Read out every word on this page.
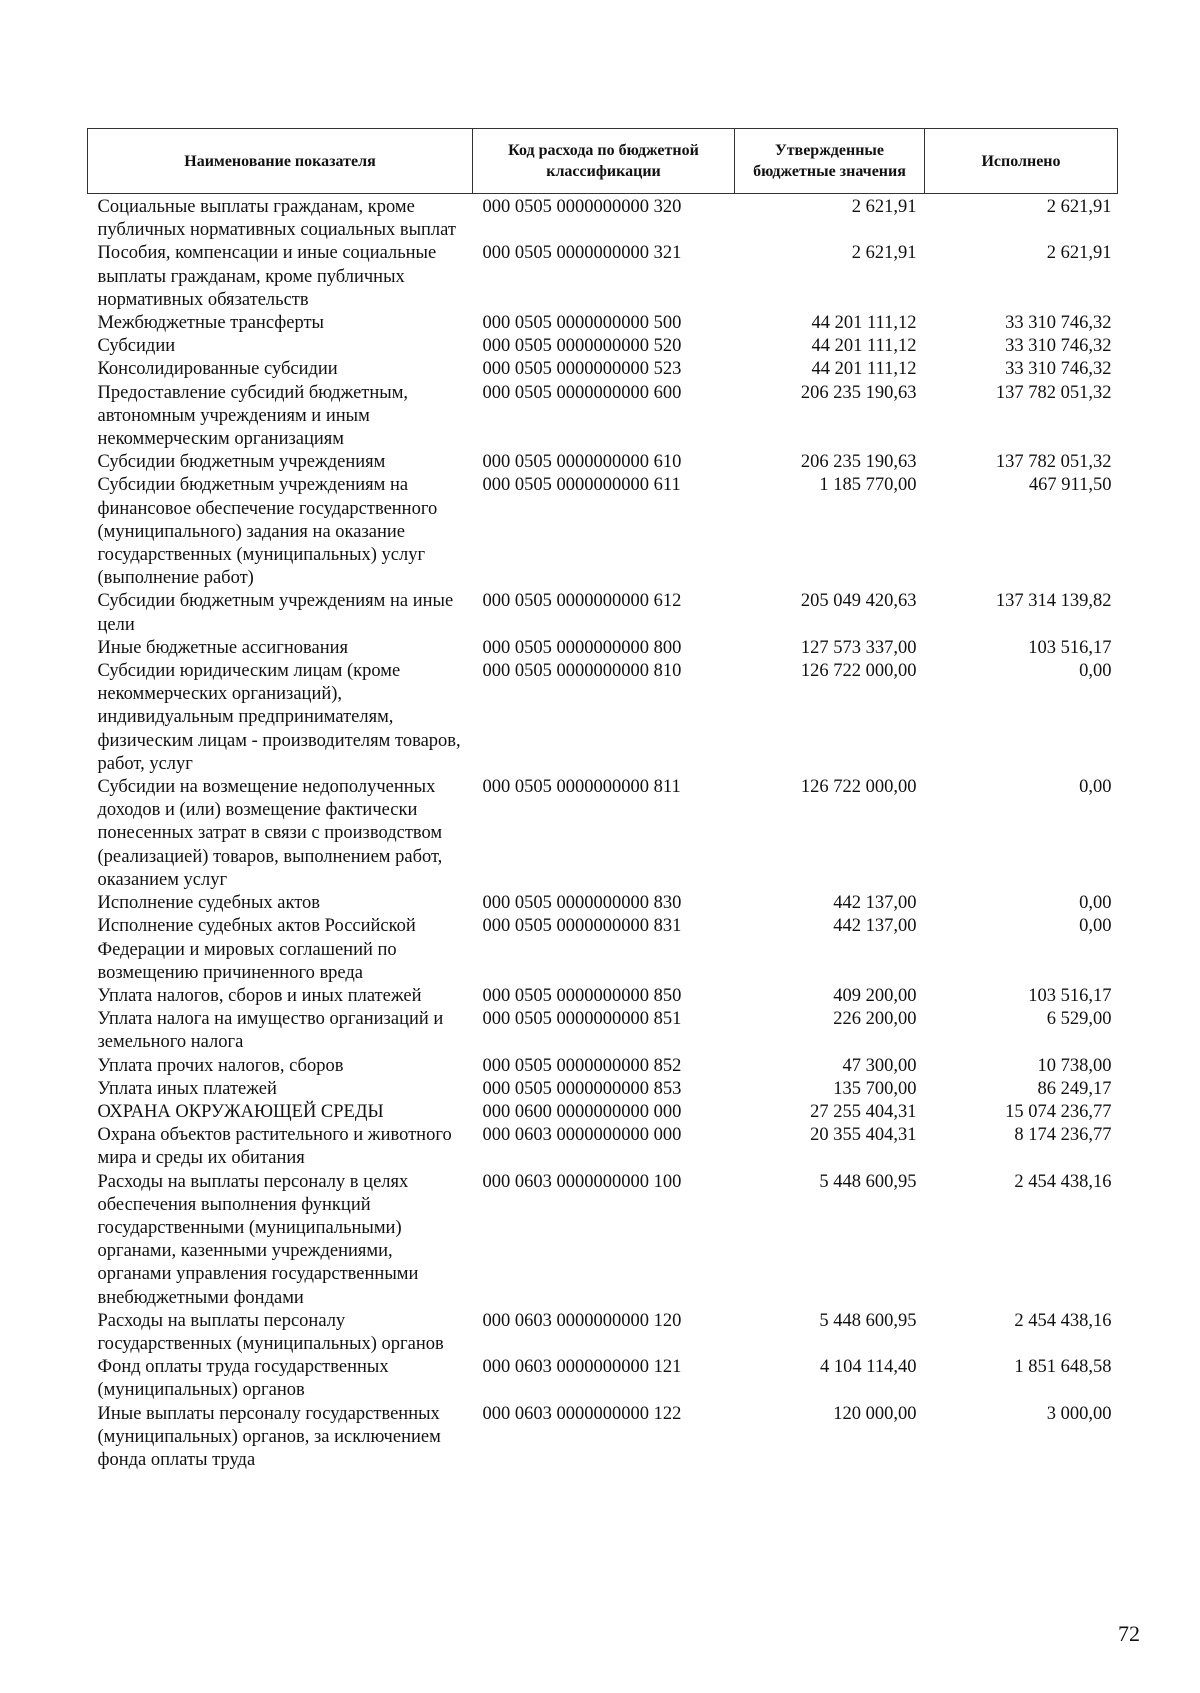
Наименование показателя	Код расхода по бюджетной классификации	Утвержденные бюджетные значения	Исполнено
Социальные выплаты гражданам, кроме публичных нормативных социальных выплат	000 0505 0000000000 320	2 621,91	2 621,91
Пособия, компенсации и иные социальные выплаты гражданам, кроме публичных нормативных обязательств	000 0505 0000000000 321	2 621,91	2 621,91
Межбюджетные трансферты	000 0505 0000000000 500	44 201 111,12	33 310 746,32
Субсидии	000 0505 0000000000 520	44 201 111,12	33 310 746,32
Консолидированные субсидии	000 0505 0000000000 523	44 201 111,12	33 310 746,32
Предоставление субсидий бюджетным, автономным учреждениям и иным некоммерческим организациям	000 0505 0000000000 600	206 235 190,63	137 782 051,32
Субсидии бюджетным учреждениям	000 0505 0000000000 610	206 235 190,63	137 782 051,32
Субсидии бюджетным учреждениям на финансовое обеспечение государственного (муниципального) задания на оказание государственных (муниципальных) услуг (выполнение работ)	000 0505 0000000000 611	1 185 770,00	467 911,50
Субсидии бюджетным учреждениям на иные цели	000 0505 0000000000 612	205 049 420,63	137 314 139,82
Иные бюджетные ассигнования	000 0505 0000000000 800	127 573 337,00	103 516,17
Субсидии юридическим лицам (кроме некоммерческих организаций), индивидуальным предпринимателям, физическим лицам - производителям товаров, работ, услуг	000 0505 0000000000 810	126 722 000,00	0,00
Субсидии на возмещение недополученных доходов и (или) возмещение фактически понесенных затрат в связи с производством (реализацией) товаров, выполнением работ, оказанием услуг	000 0505 0000000000 811	126 722 000,00	0,00
Исполнение судебных актов	000 0505 0000000000 830	442 137,00	0,00
Исполнение судебных актов Российской Федерации и мировых соглашений по возмещению причиненного вреда	000 0505 0000000000 831	442 137,00	0,00
Уплата налогов, сборов и иных платежей	000 0505 0000000000 850	409 200,00	103 516,17
Уплата налога на имущество организаций и земельного налога	000 0505 0000000000 851	226 200,00	6 529,00
Уплата прочих налогов, сборов	000 0505 0000000000 852	47 300,00	10 738,00
Уплата иных платежей	000 0505 0000000000 853	135 700,00	86 249,17
ОХРАНА ОКРУЖАЮЩЕЙ СРЕДЫ	000 0600 0000000000 000	27 255 404,31	15 074 236,77
Охрана объектов растительного и животного мира и среды их обитания	000 0603 0000000000 000	20 355 404,31	8 174 236,77
Расходы на выплаты персоналу в целях обеспечения выполнения функций государственными (муниципальными) органами, казенными учреждениями, органами управления государственными внебюджетными фондами	000 0603 0000000000 100	5 448 600,95	2 454 438,16
Расходы на выплаты персоналу государственных (муниципальных) органов	000 0603 0000000000 120	5 448 600,95	2 454 438,16
Фонд оплаты труда государственных (муниципальных) органов	000 0603 0000000000 121	4 104 114,40	1 851 648,58
Иные выплаты персоналу государственных (муниципальных) органов, за исключением фонда оплаты труда	000 0603 0000000000 122	120 000,00	3 000,00
72
